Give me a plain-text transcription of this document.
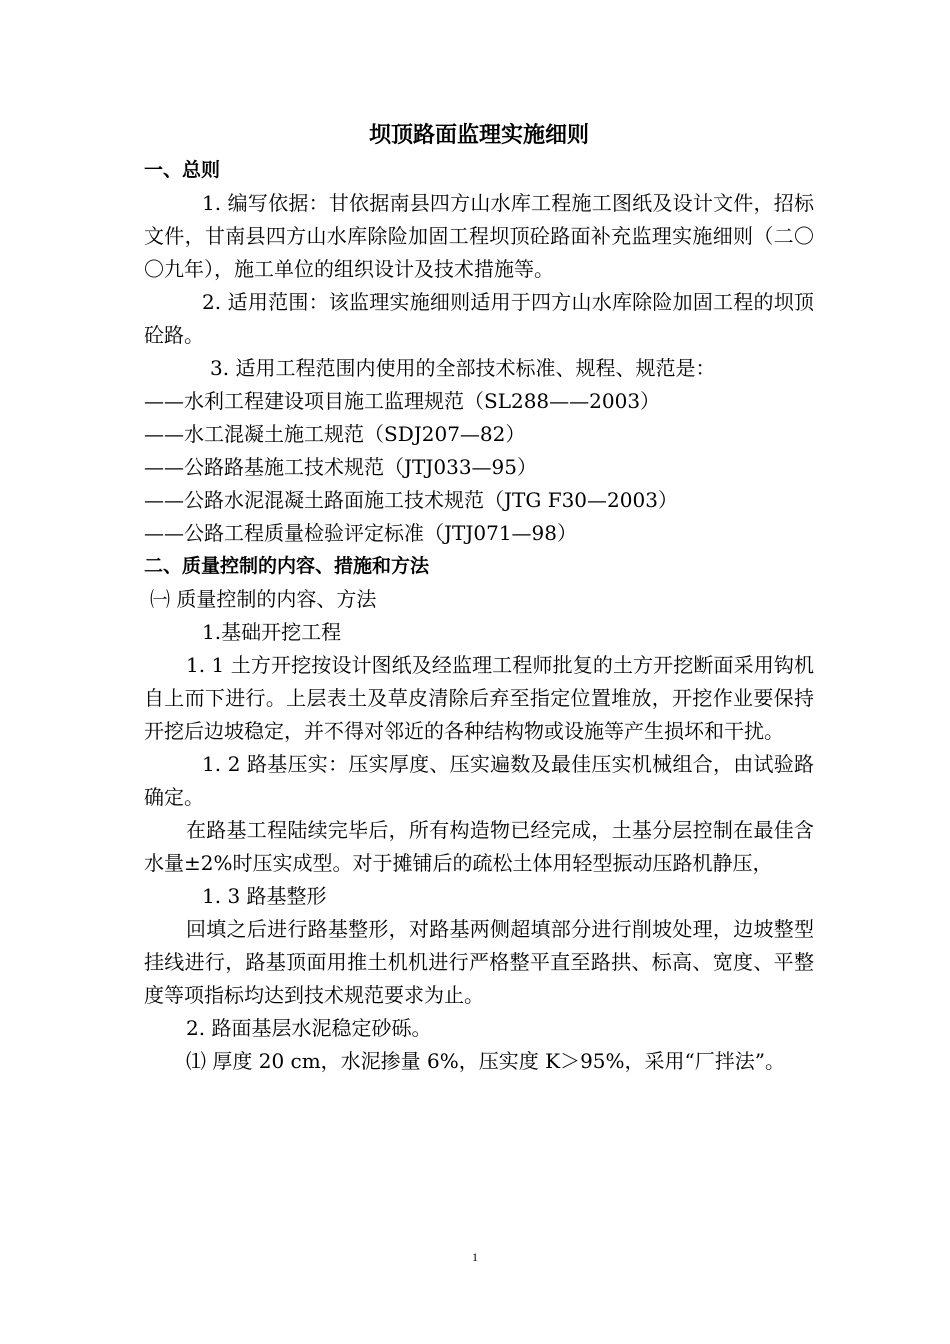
坝顶路面监理实施细则

一、总则

1. 编写依据：甘依据南县四方山水库工程施工图纸及设计文件，招标文件，甘南县四方山水库除险加固工程坝顶砼路面补充监理实施细则（二〇〇九年），施工单位的组织设计及技术措施等。

2. 适用范围：该监理实施细则适用于四方山水库除险加固工程的坝顶砼路。

3. 适用工程范围内使用的全部技术标准、规程、规范是：

——水利工程建设项目施工监理规范（SL288——2003）

——水工混凝土施工规范（SDJ207—82）

——公路路基施工技术规范（JTJ033—95）

——公路水泥混凝土路面施工技术规范（JTG F30—2003）

——公路工程质量检验评定标准（JTJ071—98）

二、质量控制的内容、措施和方法

㈠ 质量控制的内容、方法

1.基础开挖工程

1. 1 土方开挖按设计图纸及经监理工程师批复的土方开挖断面采用钩机自上而下进行。上层表土及草皮清除后弃至指定位置堆放，开挖作业要保持开挖后边坡稳定，并不得对邻近的各种结构物或设施等产生损坏和干扰。

1. 2 路基压实：压实厚度、压实遍数及最佳压实机械组合，由试验路确定。

在路基工程陆续完毕后，所有构造物已经完成，土基分层控制在最佳含水量±2%时压实成型。对于摊铺后的疏松土体用轻型振动压路机静压，

1. 3 路基整形

回填之后进行路基整形，对路基两侧超填部分进行削坡处理，边坡整型挂线进行，路基顶面用推土机机进行严格整平直至路拱、标高、宽度、平整度等项指标均达到技术规范要求为止。

2. 路面基层水泥稳定砂砾。

⑴ 厚度 20 cm，水泥掺量 6%，压实度 K＞95%，采用“厂拌法”。

1
